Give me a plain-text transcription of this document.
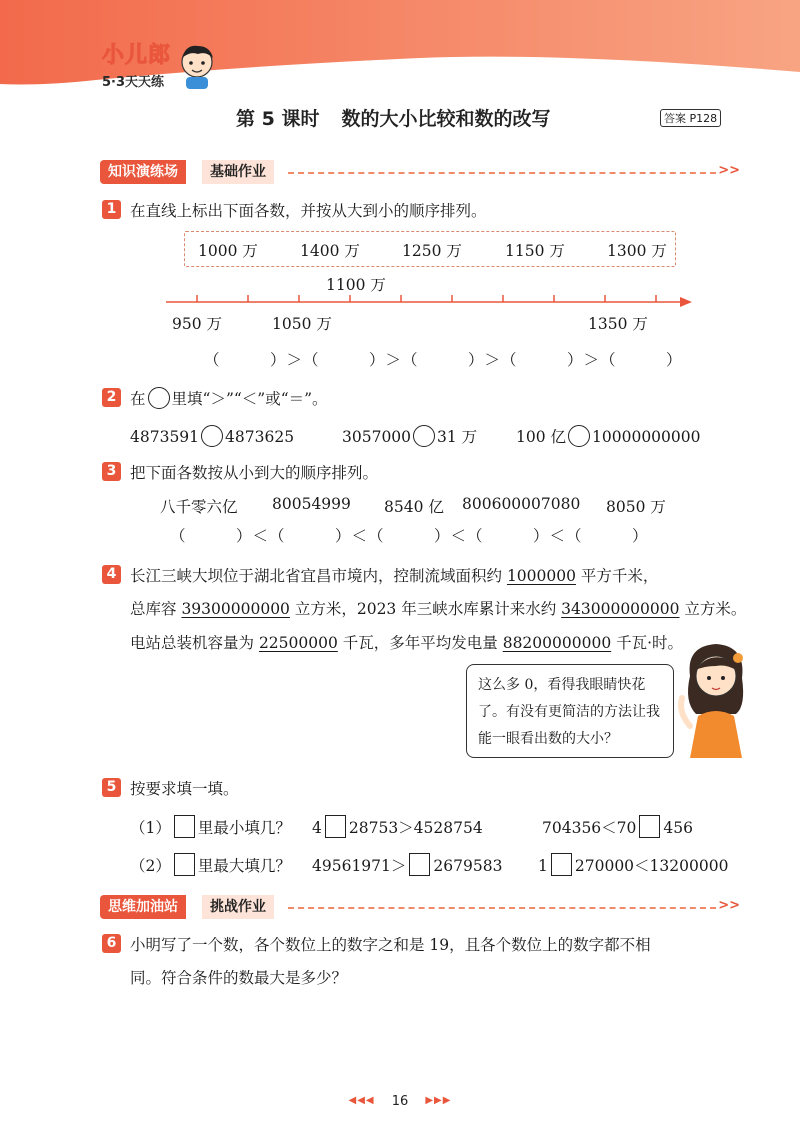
小儿郎
5·3天天练
第 5 课时 数的大小比较和数的改写	答案 P128
知识演练场	基础作业	>>
1 在直线上标出下面各数，并按从大到小的顺序排列。
1000 万	1400 万	1250 万	1150 万	1300 万
1100 万
950 万	1050 万	1350 万
（　　　）＞（　　　）＞（　　　）＞（　　　）＞（　　　）
2 在 里填“＞”“＜”或“＝”。
4873591 4873625	3057000 31 万	100 亿 10000000000
3 把下面各数按从小到大的顺序排列。
八千零六亿 80054999 8540 亿 800600007080 8050 万
（　　　）＜（　　　）＜（　　　）＜（　　　）＜（　　　）
4 长江三峡大坝位于湖北省宜昌市境内，控制流域面积约 1000000 平方千米，
总库容 39300000000 立方米，2023 年三峡水库累计来水约 343000000000 立方米。
电站总装机容量为 22500000 千瓦，多年平均发电量 88200000000 千瓦·时。
这么多 0，看得我眼睛快花了。有没有更简洁的方法让我能一眼看出数的大小？
5 按要求填一填。
（1） 里最小填几？ 4 28753＞4528754	704356＜70 456
（2） 里最大填几？ 49561971＞ 2679583 1 270000＜13200000
思维加油站	挑战作业	>>
6 小明写了一个数，各个数位上的数字之和是 19，且各个数位上的数字都不相
同。符合条件的数最大是多少？
◀◀◀ 16 ▶▶▶
